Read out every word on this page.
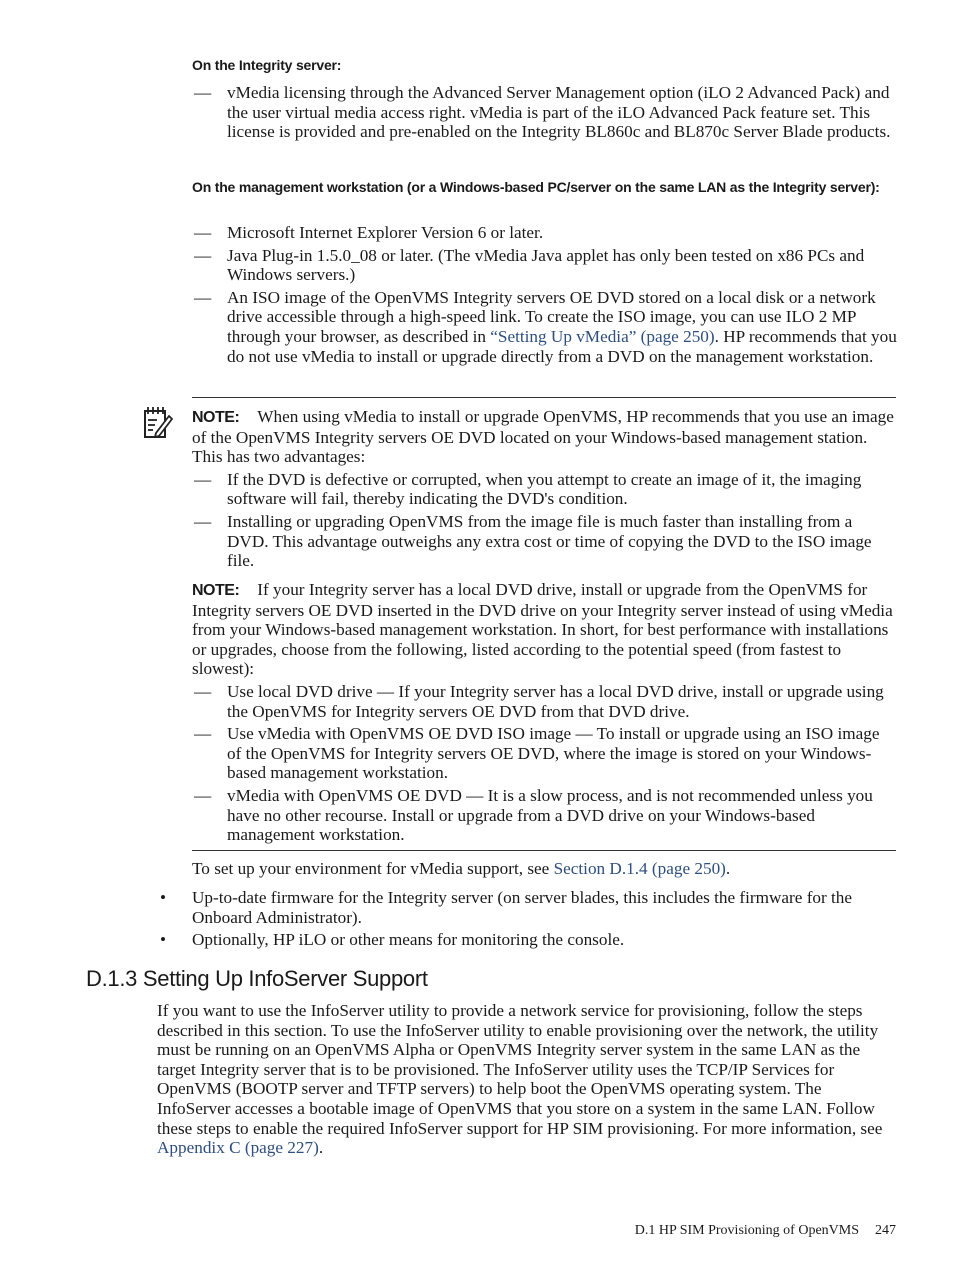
On the Integrity server:
— vMedia licensing through the Advanced Server Management option (iLO 2 Advanced Pack) and the user virtual media access right. vMedia is part of the iLO Advanced Pack feature set. This license is provided and pre-enabled on the Integrity BL860c and BL870c Server Blade products.
On the management workstation (or a Windows-based PC/server on the same LAN as the Integrity server):
— Microsoft Internet Explorer Version 6 or later.
— Java Plug-in 1.5.0_08 or later. (The vMedia Java applet has only been tested on x86 PCs and Windows servers.)
— An ISO image of the OpenVMS Integrity servers OE DVD stored on a local disk or a network drive accessible through a high-speed link. To create the ISO image, you can use ILO 2 MP through your browser, as described in “Setting Up vMedia” (page 250). HP recommends that you do not use vMedia to install or upgrade directly from a DVD on the management workstation.
NOTE: When using vMedia to install or upgrade OpenVMS, HP recommends that you use an image of the OpenVMS Integrity servers OE DVD located on your Windows-based management station. This has two advantages:
— If the DVD is defective or corrupted, when you attempt to create an image of it, the imaging software will fail, thereby indicating the DVD's condition.
— Installing or upgrading OpenVMS from the image file is much faster than installing from a DVD. This advantage outweighs any extra cost or time of copying the DVD to the ISO image file.
NOTE: If your Integrity server has a local DVD drive, install or upgrade from the OpenVMS for Integrity servers OE DVD inserted in the DVD drive on your Integrity server instead of using vMedia from your Windows-based management workstation. In short, for best performance with installations or upgrades, choose from the following, listed according to the potential speed (from fastest to slowest):
— Use local DVD drive — If your Integrity server has a local DVD drive, install or upgrade using the OpenVMS for Integrity servers OE DVD from that DVD drive.
— Use vMedia with OpenVMS OE DVD ISO image — To install or upgrade using an ISO image of the OpenVMS for Integrity servers OE DVD, where the image is stored on your Windows-based management workstation.
— vMedia with OpenVMS OE DVD — It is a slow process, and is not recommended unless you have no other recourse. Install or upgrade from a DVD drive on your Windows-based management workstation.
To set up your environment for vMedia support, see Section D.1.4 (page 250).
• Up-to-date firmware for the Integrity server (on server blades, this includes the firmware for the Onboard Administrator).
• Optionally, HP iLO or other means for monitoring the console.
D.1.3 Setting Up InfoServer Support
If you want to use the InfoServer utility to provide a network service for provisioning, follow the steps described in this section. To use the InfoServer utility to enable provisioning over the network, the utility must be running on an OpenVMS Alpha or OpenVMS Integrity server system in the same LAN as the target Integrity server that is to be provisioned. The InfoServer utility uses the TCP/IP Services for OpenVMS (BOOTP server and TFTP servers) to help boot the OpenVMS operating system. The InfoServer accesses a bootable image of OpenVMS that you store on a system in the same LAN. Follow these steps to enable the required InfoServer support for HP SIM provisioning. For more information, see Appendix C (page 227).
D.1 HP SIM Provisioning of OpenVMS 247
